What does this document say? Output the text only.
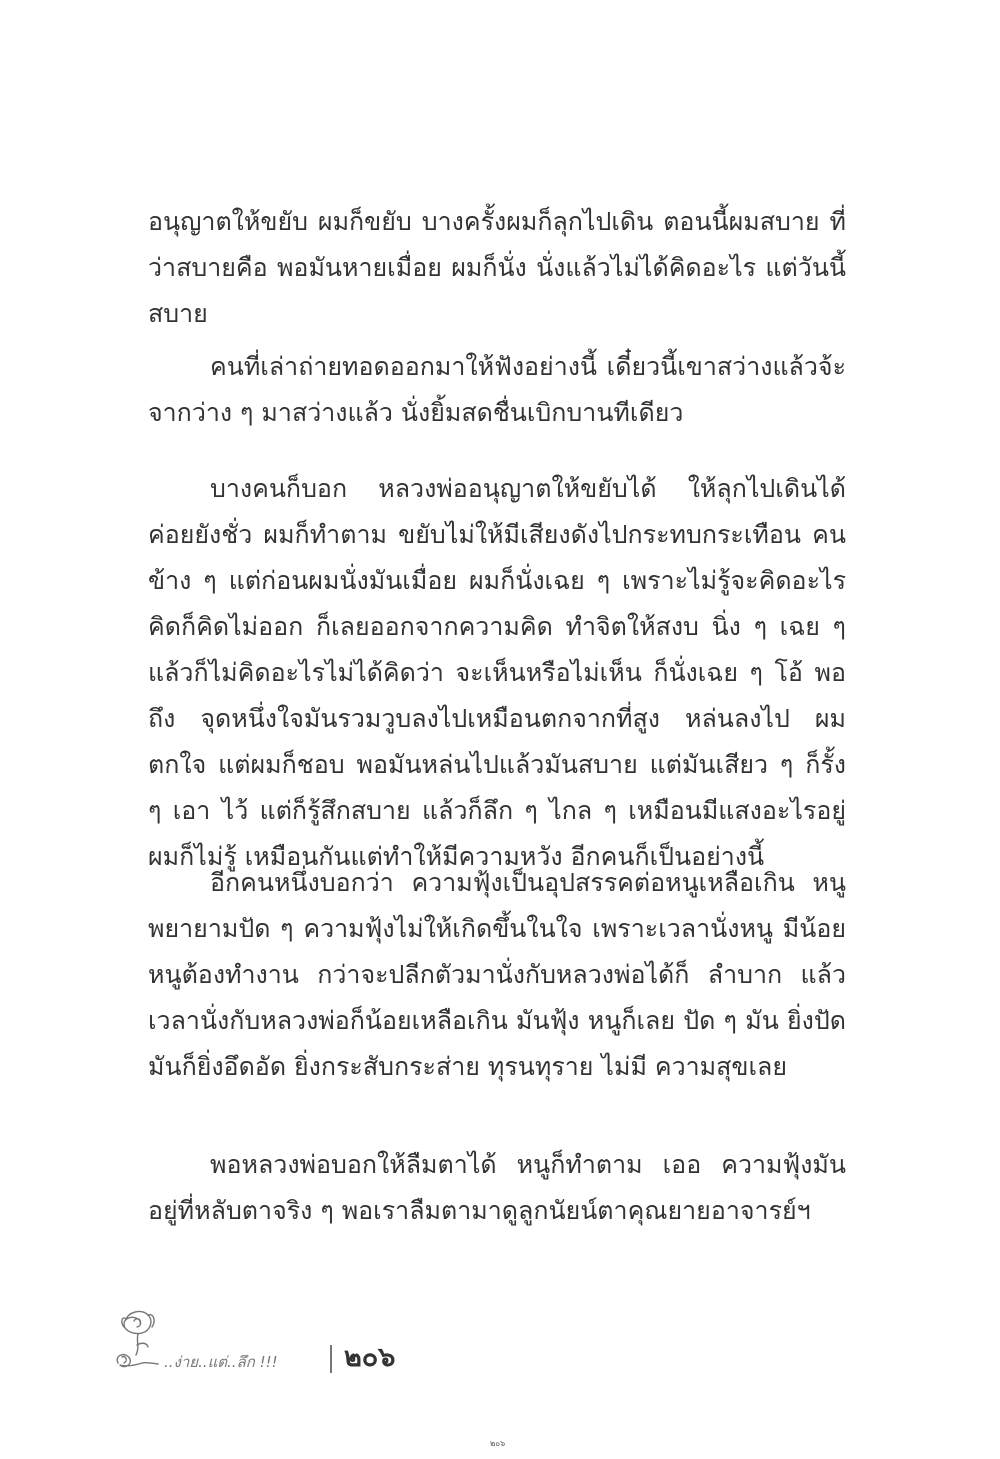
อนุญาตให้ขยับ ผมก็ขยับ บางครั้งผมก็ลุกไปเดิน ตอนนี้ผมสบาย ที่ว่าสบายคือ พอมันหายเมื่อย ผมก็นั่ง นั่งแล้วไม่ได้คิดอะไร แต่วันนี้สบาย

คนที่เล่าถ่ายทอดออกมาให้ฟังอย่างนี้ เดี๋ยวนี้เขาสว่างแล้วจ้ะ จากว่าง ๆ มาสว่างแล้ว นั่งยิ้มสดชื่นเบิกบานทีเดียว

บางคนก็บอก หลวงพ่ออนุญาตให้ขยับได้ ให้ลุกไปเดินได้ ค่อยยังชั่ว ผมก็ทำตาม ขยับไม่ให้มีเสียงดังไปกระทบกระเทือน คนข้าง ๆ แต่ก่อนผมนั่งมันเมื่อย ผมก็นั่งเฉย ๆ เพราะไม่รู้จะคิดอะไร คิดก็คิดไม่ออก ก็เลยออกจากความคิด ทำจิตให้สงบ นิ่ง ๆ เฉย ๆ แล้วก็ไม่คิดอะไรไม่ได้คิดว่า จะเห็นหรือไม่เห็น ก็นั่งเฉย ๆ โอ้ พอถึง จุดหนึ่งใจมันรวมวูบลงไปเหมือนตกจากที่สูง หล่นลงไป ผมตกใจ แต่ผมก็ชอบ พอมันหล่นไปแล้วมันสบาย แต่มันเสียว ๆ ก็รั้ง ๆ เอา ไว้ แต่ก็รู้สึกสบาย แล้วก็ลึก ๆ ไกล ๆ เหมือนมีแสงอะไรอยู่ผมก็ไม่รู้ เหมือนกันแต่ทำให้มีความหวัง อีกคนก็เป็นอย่างนี้

อีกคนหนึ่งบอกว่า ความฟุ้งเป็นอุปสรรคต่อหนูเหลือเกิน หนูพยายามปัด ๆ ความฟุ้งไม่ให้เกิดขึ้นในใจ เพราะเวลานั่งหนู มีน้อย หนูต้องทำงาน กว่าจะปลีกตัวมานั่งกับหลวงพ่อได้ก็ ลำบาก แล้วเวลานั่งกับหลวงพ่อก็น้อยเหลือเกิน มันฟุ้ง หนูก็เลย ปัด ๆ มัน ยิ่งปัดมันก็ยิ่งอึดอัด ยิ่งกระสับกระส่าย ทุรนทุราย ไม่มี ความสุขเลย

พอหลวงพ่อบอกให้ลืมตาได้ หนูก็ทำตาม เออ ความฟุ้งมัน อยู่ที่หลับตาจริง ๆ พอเราลืมตามาดูลูกนัยน์ตาคุณยายอาจารย์ฯ

..ง่าย..แต่..ลึก !!! ๒๐๖
๒๐๖
